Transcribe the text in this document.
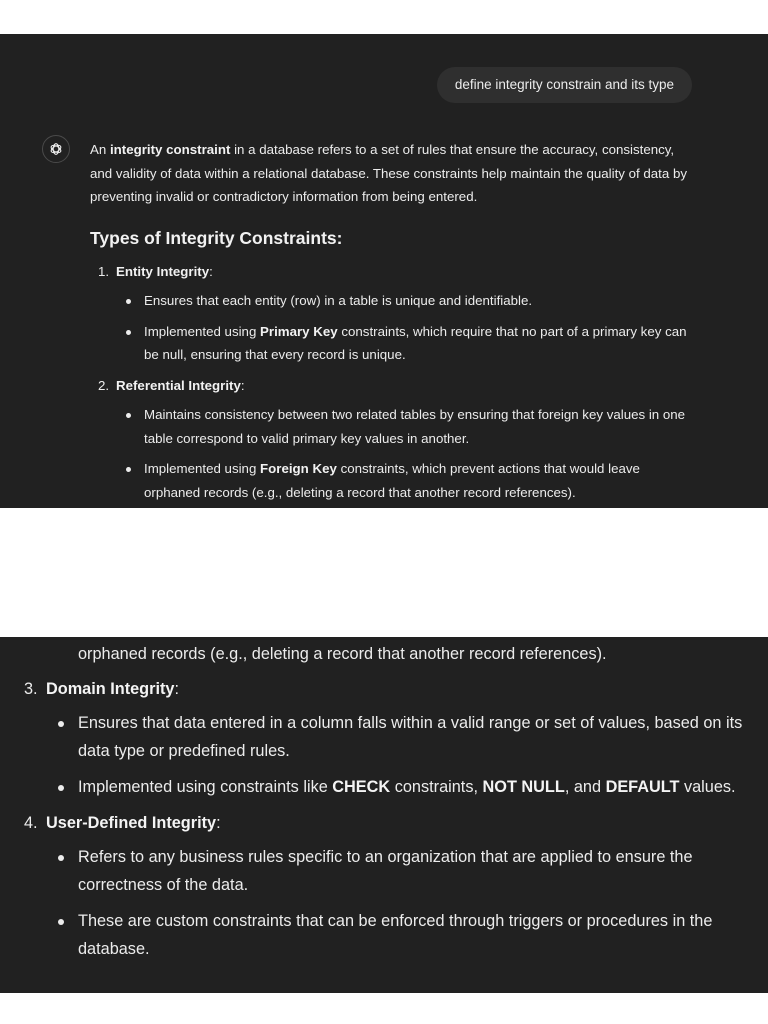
define integrity constrain and its type

An integrity constraint in a database refers to a set of rules that ensure the accuracy, consistency, and validity of data within a relational database. These constraints help maintain the quality of data by preventing invalid or contradictory information from being entered.

Types of Integrity Constraints:
1. Entity Integrity:
Ensures that each entity (row) in a table is unique and identifiable.
Implemented using Primary Key constraints, which require that no part of a primary key can be null, ensuring that every record is unique.
2. Referential Integrity:
Maintains consistency between two related tables by ensuring that foreign key values in one table correspond to valid primary key values in another.
Implemented using Foreign Key constraints, which prevent actions that would leave orphaned records (e.g., deleting a record that another record references).
orphaned records (e.g., deleting a record that another record references).
3. Domain Integrity:
Ensures that data entered in a column falls within a valid range or set of values, based on its data type or predefined rules.
Implemented using constraints like CHECK constraints, NOT NULL, and DEFAULT values.
4. User-Defined Integrity:
Refers to any business rules specific to an organization that are applied to ensure the correctness of the data.
These are custom constraints that can be enforced through triggers or procedures in the database.
